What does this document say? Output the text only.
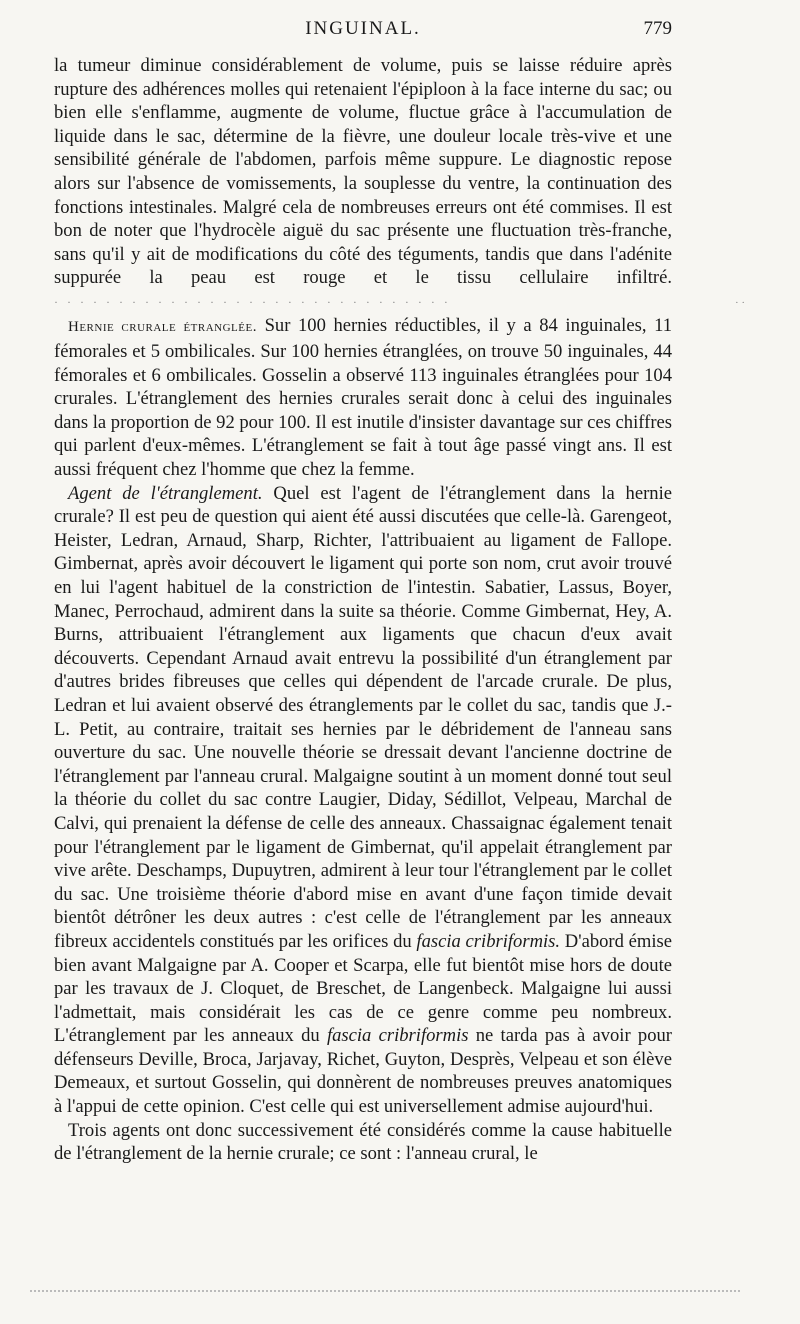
INGUINAL.	779

la tumeur diminue considérablement de volume, puis se laisse réduire après rupture des adhérences molles qui retenaient l'épiploon à la face interne du sac; ou bien elle s'enflamme, augmente de volume, fluctue grâce à l'accumulation de liquide dans le sac, détermine de la fièvre, une douleur locale très-vive et une sensibilité générale de l'abdomen, parfois même suppure. Le diagnostic repose alors sur l'absence de vomissements, la souplesse du ventre, la continuation des fonctions intestinales. Malgré cela de nombreuses erreurs ont été commises. Il est bon de noter que l'hydrocèle aiguë du sac présente une fluctuation très-franche, sans qu'il y ait de modifications du côté des téguments, tandis que dans l'adénite suppurée la peau est rouge et le tissu cellulaire infiltré. · · · · · · · · · · · · · · · · · · · · · · · · · · · · · · ·

Hernie crurale étranglée. Sur 100 hernies réductibles, il y a 84 inguinales, 11 fémorales et 5 ombilicales. Sur 100 hernies étranglées, on trouve 50 inguinales, 44 fémorales et 6 ombilicales. Gosselin a observé 113 inguinales étranglées pour 104 crurales. L'étranglement des hernies crurales serait donc à celui des inguinales dans la proportion de 92 pour 100. Il est inutile d'insister davantage sur ces chiffres qui parlent d'eux-mêmes. L'étranglement se fait à tout âge passé vingt ans. Il est aussi fréquent chez l'homme que chez la femme.

Agent de l'étranglement. Quel est l'agent de l'étranglement dans la hernie crurale? Il est peu de question qui aient été aussi discutées que celle-là. Garengeot, Heister, Ledran, Arnaud, Sharp, Richter, l'attribuaient au ligament de Fallope. Gimbernat, après avoir découvert le ligament qui porte son nom, crut avoir trouvé en lui l'agent habituel de la constriction de l'intestin. Sabatier, Lassus, Boyer, Manec, Perrochaud, admirent dans la suite sa théorie. Comme Gimbernat, Hey, A. Burns, attribuaient l'étranglement aux ligaments que chacun d'eux avait découverts. Cependant Arnaud avait entrevu la possibilité d'un étranglement par d'autres brides fibreuses que celles qui dépendent de l'arcade crurale. De plus, Ledran et lui avaient observé des étranglements par le collet du sac, tandis que J.-L. Petit, au contraire, traitait ses hernies par le débridement de l'anneau sans ouverture du sac. Une nouvelle théorie se dressait devant l'ancienne doctrine de l'étranglement par l'anneau crural. Malgaigne soutint à un moment donné tout seul la théorie du collet du sac contre Laugier, Diday, Sédillot, Velpeau, Marchal de Calvi, qui prenaient la défense de celle des anneaux. Chassaignac également tenait pour l'étranglement par le ligament de Gimbernat, qu'il appelait étranglement par vive arête. Deschamps, Dupuytren, admirent à leur tour l'étranglement par le collet du sac. Une troisième théorie d'abord mise en avant d'une façon timide devait bientôt détrôner les deux autres : c'est celle de l'étranglement par les anneaux fibreux accidentels constitués par les orifices du fascia cribriformis. D'abord émise bien avant Malgaigne par A. Cooper et Scarpa, elle fut bientôt mise hors de doute par les travaux de J. Cloquet, de Breschet, de Langenbeck. Malgaigne lui aussi l'admettait, mais considérait les cas de ce genre comme peu nombreux. L'étranglement par les anneaux du fascia cribriformis ne tarda pas à avoir pour défenseurs Deville, Broca, Jarjavay, Richet, Guyton, Desprès, Velpeau et son élève Demeaux, et surtout Gosselin, qui donnèrent de nombreuses preuves anatomiques à l'appui de cette opinion. C'est celle qui est universellement admise aujourd'hui.

Trois agents ont donc successivement été considérés comme la cause habituelle de l'étranglement de la hernie crurale; ce sont : l'anneau crural, le

· ·
